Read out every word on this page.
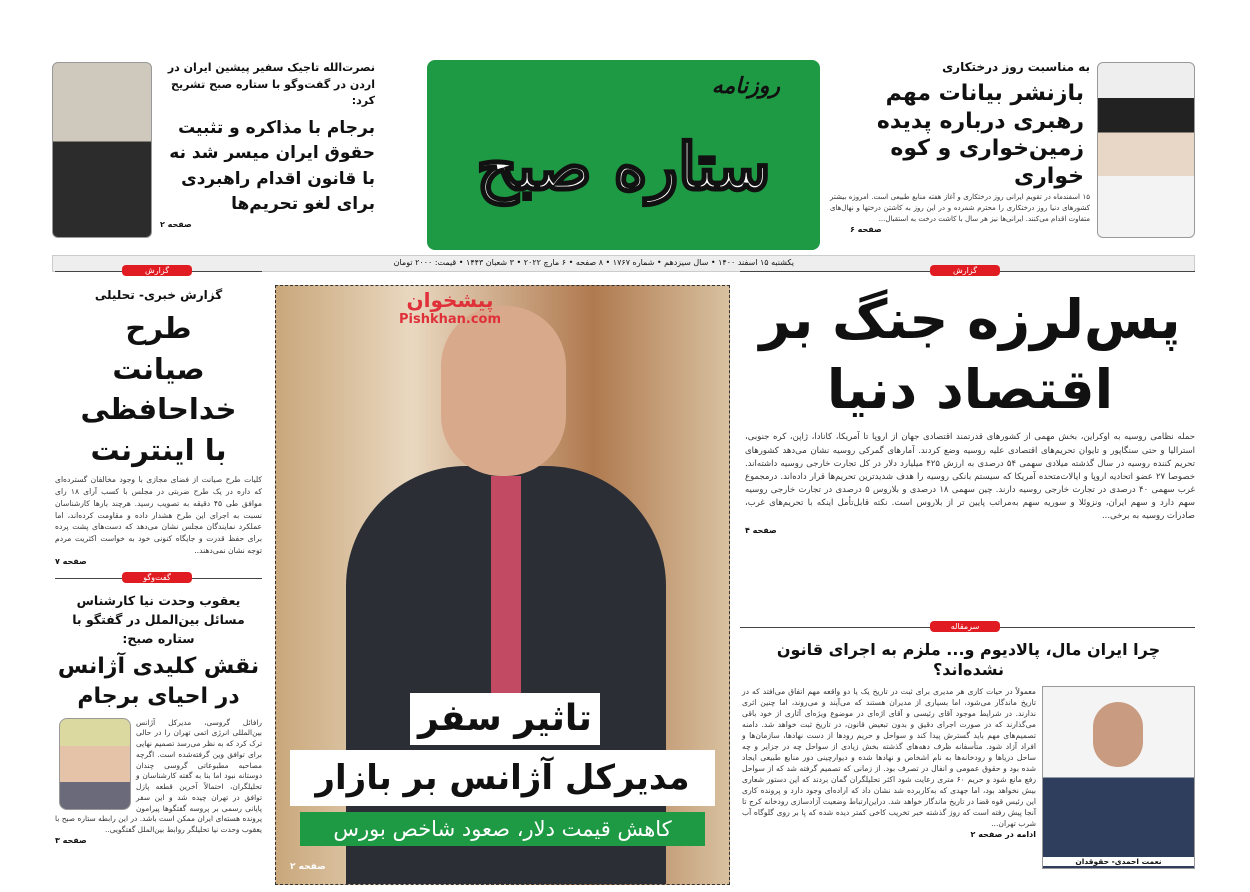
روزنامه
ستاره صبح
به مناسبت روز درختکاری
بازنشر بیانات مهم رهبری درباره پدیده زمین‌خواری و کوه خواری
۱۵ اسفندماه در تقویم ایرانی روز درختکاری و آغاز هفته منابع طبیعی است. امروزه بیشتر کشورهای دنیا روز درختکاری را محترم شمرده و در این روز به کاشتن درختها و نهال‌های متفاوت اقدام می‌کنند. ایرانی‌ها نیز هر سال با کاشت درخت به استقبال...
صفحه ۶
نصرت‌الله تاجیک سفیر پیشین ایران در اردن در گفت‌وگو با ستاره صبح تشریح کرد:
برجام با مذاکره و تثبیت حقوق ایران میسر شد نه با قانون اقدام راهبردی برای لغو تحریم‌ها
صفحه ۲
یکشنبه ۱۵ اسفند ۱۴۰۰ • سال سیزدهم • شماره ۱۷۶۷ • ۸ صفحه • ۶ مارچ ۲۰۲۲ • ۳ شعبان ۱۴۴۳ • قیمت: ۲۰۰۰ تومان
پیشخوان
Pishkhan.com
تاثیر سفر
مدیرکل آژانس بر بازار
کاهش قیمت دلار، صعود شاخص بورس
صفحه ۲
گزارش
پس‌لرزه جنگ بر اقتصاد دنیا
حمله نظامی روسیه به اوکراین، بخش مهمی از کشورهای قدرتمند اقتصادی جهان از اروپا تا آمریکا، کانادا، ژاپن، کره جنوبی، استرالیا و حتی سنگاپور و تایوان تحریم‌های اقتصادی علیه روسیه وضع کردند. آمارهای گمرکی روسیه نشان می‌دهد کشورهای تحریم کننده روسیه در سال گذشته میلادی سهمی ۵۴ درصدی به ارزش ۴۲۵ میلیارد دلار در کل تجارت خارجی روسیه داشته‌اند. خصوصا ۲۷ عضو اتحادیه اروپا و ایالات‌متحده آمریکا که سیستم بانکی روسیه را هدف شدیدترین تحریم‌ها قرار داده‌اند. درمجموع غرب سهمی ۴۰ درصدی در تجارت خارجی روسیه دارند. چین سهمی ۱۸ درصدی و بلاروس ۵ درصدی در تجارت خارجی روسیه سهم دارد و سهم ایران، ونزوئلا و سوریه سهم به‌مراتب پایین تر از بلاروس است. نکته قابل‌تأمل اینکه با تحریم‌های غرب، صادرات روسیه به برخی...
صفحه ۴
سرمقاله
چرا ایران مال، پالادیوم و... ملزم به اجرای قانون نشده‌اند؟
نعمت احمدی- حقوقدان
معمولاً در حیات کاری هر مدیری برای ثبت در تاریخ یک یا دو واقعه مهم اتفاق می‌افتد که در تاریخ ماندگار می‌شود، اما بسیاری از مدیران هستند که می‌آیند و می‌روند، اما چنین اثری ندارند. در شرایط موجود آقای رئیسی و آقای اژه‌ای در موضوع ویژه‌ای آثاری از خود باقی می‌گذارند که در صورت اجرای دقیق و بدون تبعیض قانون، در تاریخ ثبت خواهد شد. دامنه تصمیم‌های مهم باید گسترش پیدا کند و سواحل و حریم رودها از دست نهادها، سازمان‌ها و افراد آزاد شود. متأسفانه ظرف دهه‌های گذشته بخش زیادی از سواحل چه در جزایر و چه ساحل دریاها و رودخانه‌ها به نام اشخاص و نهادها شده و دیوارچینی دور منابع طبیعی ایجاد شده بود و حقوق عمومی و انفال در تصرف بود. از زمانی که تصمیم گرفته شد که از سواحل رفع مانع شود و حریم ۶۰ متری رعایت شود اکثر تحلیلگران گمان بردند که این دستور شعاری بیش نخواهد بود، اما جهدی که به‌کاربرده شد نشان داد که اراده‌ای وجود دارد و پرونده کاری این رئیس قوه قضا در تاریخ ماندگار خواهد شد. دراین‌ارتباط وضعیت آزادسازی رودخانه کرج تا آنجا پیش رفته است که روز گذشته خبر تخریب کاخی کمتر دیده شده که پا بر روی گلوگاه آب شرب تهران...
ادامه در صفحه ۲
گزارش
گزارش خبری- تحلیلی
طرح صیانت خداحافظی با اینترنت
کلیات طرح صیانت از فضای مجازی با وجود مخالفان گسترده‌ای که داره در یک طرح ضربتی در مجلس با کسب آرای ۱۸ رای موافق طی ۴۵ دقیقه به تصویب رسید. هرچند بارها کارشناسان نسبت به اجرای این طرح هشدار داده و مقاومت کرده‌اند، اما عملکرد نمایندگان مجلس نشان می‌دهد که دست‌های پشت پرده برای حفظ قدرت و جایگاه کنونی خود به خواست اکثریت مردم توجه نشان نمی‌دهند..
صفحه ۷
گفت‌وگو
یعقوب وحدت نیا کارشناس مسائل بین‌الملل در گفتگو با ستاره صبح:
نقش کلیدی آژانس در احیای برجام
رافائل گروسی، مدیرکل آژانس بین‌المللی انرژی اتمی تهران را در حالی ترک کرد که به نظر می‌رسد تصمیم نهایی برای توافق وین گرفته‌شده است. اگرچه مصاحبه مطبوعاتی گروسی چندان دوستانه نبود اما بنا به گفته کارشناسان و تحلیلگران، احتمالاً آخرین قطعه پازل توافق در تهران چیده شد و این سفر پایانی رسمی بر پروسه گفتگوها پیرامون پرونده هسته‌ای ایران ممکن است باشد. در این رابطه ستاره صبح با یعقوب وحدت نیا تحلیلگر روابط بین‌الملل گفتگویی..
صفحه ۳
